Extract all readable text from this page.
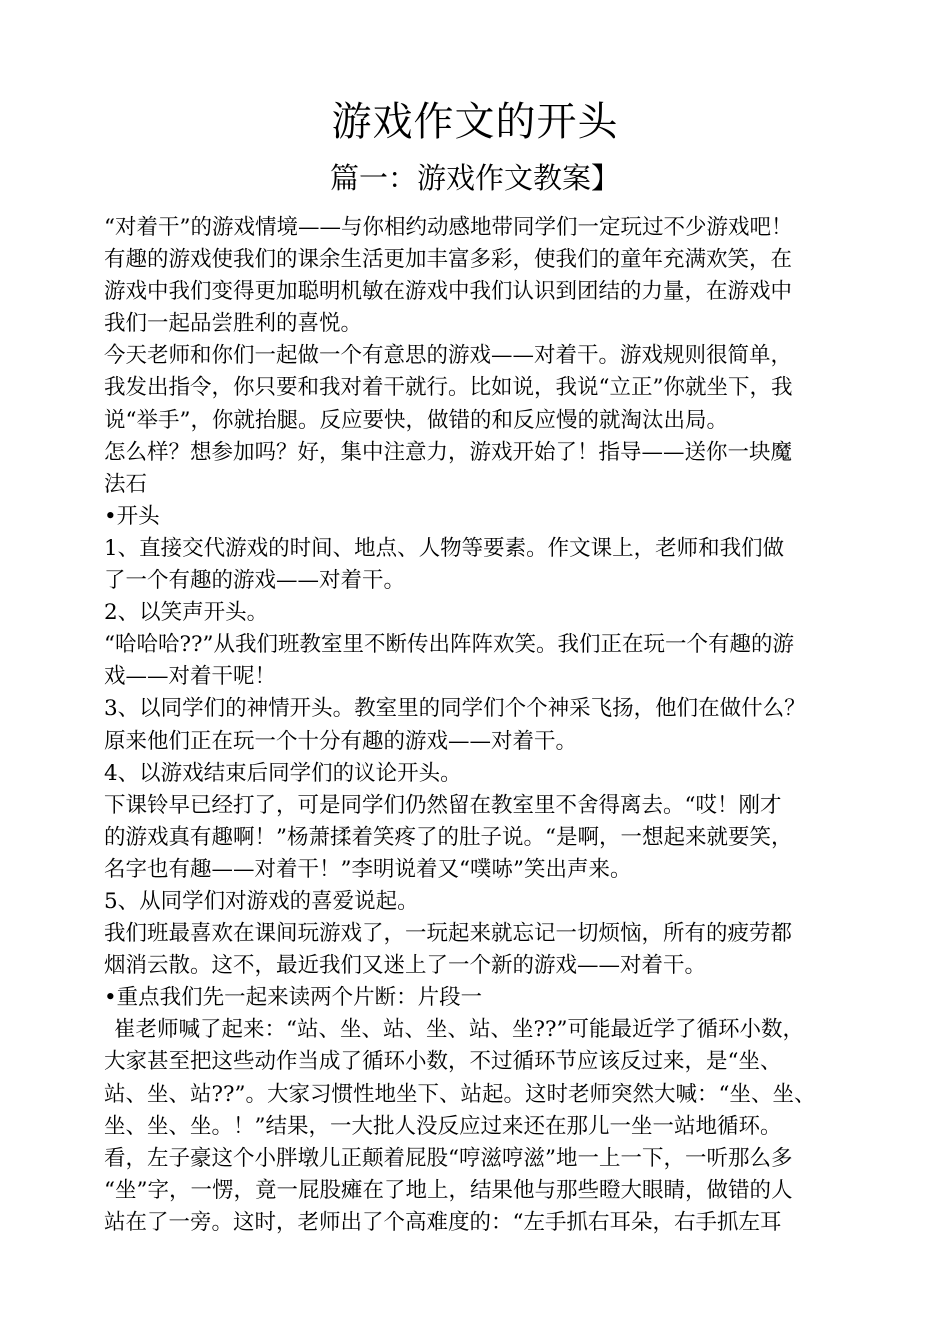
游戏作文的开头
篇一：游戏作文教案】
“对着干”的游戏情境——与你相约动感地带同学们一定玩过不少游戏吧！
有趣的游戏使我们的课余生活更加丰富多彩，使我们的童年充满欢笑，在
游戏中我们变得更加聪明机敏在游戏中我们认识到团结的力量，在游戏中
我们一起品尝胜利的喜悦。
今天老师和你们一起做一个有意思的游戏——对着干。游戏规则很简单，
我发出指令，你只要和我对着干就行。比如说，我说“立正”你就坐下，我
说“举手”，你就抬腿。反应要快，做错的和反应慢的就淘汰出局。
怎么样？想参加吗？好，集中注意力，游戏开始了！指导——送你一块魔
法石
•开头
1、直接交代游戏的时间、地点、人物等要素。作文课上，老师和我们做
了一个有趣的游戏——对着干。
2、以笑声开头。
“哈哈哈??”从我们班教室里不断传出阵阵欢笑。我们正在玩一个有趣的游
戏——对着干呢！
3、以同学们的神情开头。教室里的同学们个个神采飞扬，他们在做什么？
原来他们正在玩一个十分有趣的游戏——对着干。
4、以游戏结束后同学们的议论开头。
下课铃早已经打了，可是同学们仍然留在教室里不舍得离去。“哎！刚才
的游戏真有趣啊！”杨萧揉着笑疼了的肚子说。“是啊，一想起来就要笑，
名字也有趣——对着干！”李明说着又“噗哧”笑出声来。
5、从同学们对游戏的喜爱说起。
我们班最喜欢在课间玩游戏了，一玩起来就忘记一切烦恼，所有的疲劳都
烟消云散。这不，最近我们又迷上了一个新的游戏——对着干。
•重点我们先一起来读两个片断：片段一
崔老师喊了起来：“站、坐、站、坐、站、坐??”可能最近学了循环小数，
大家甚至把这些动作当成了循环小数，不过循环节应该反过来，是“坐、
站、坐、站??”。大家习惯性地坐下、站起。这时老师突然大喊：“坐、坐、
坐、坐、坐。！”结果，一大批人没反应过来还在那儿一坐一站地循环。
看，左子豪这个小胖墩儿正颠着屁股“哼滋哼滋”地一上一下，一听那么多
“坐”字，一愣，竟一屁股瘫在了地上，结果他与那些瞪大眼睛，做错的人
站在了一旁。这时，老师出了个高难度的：“左手抓右耳朵，右手抓左耳
